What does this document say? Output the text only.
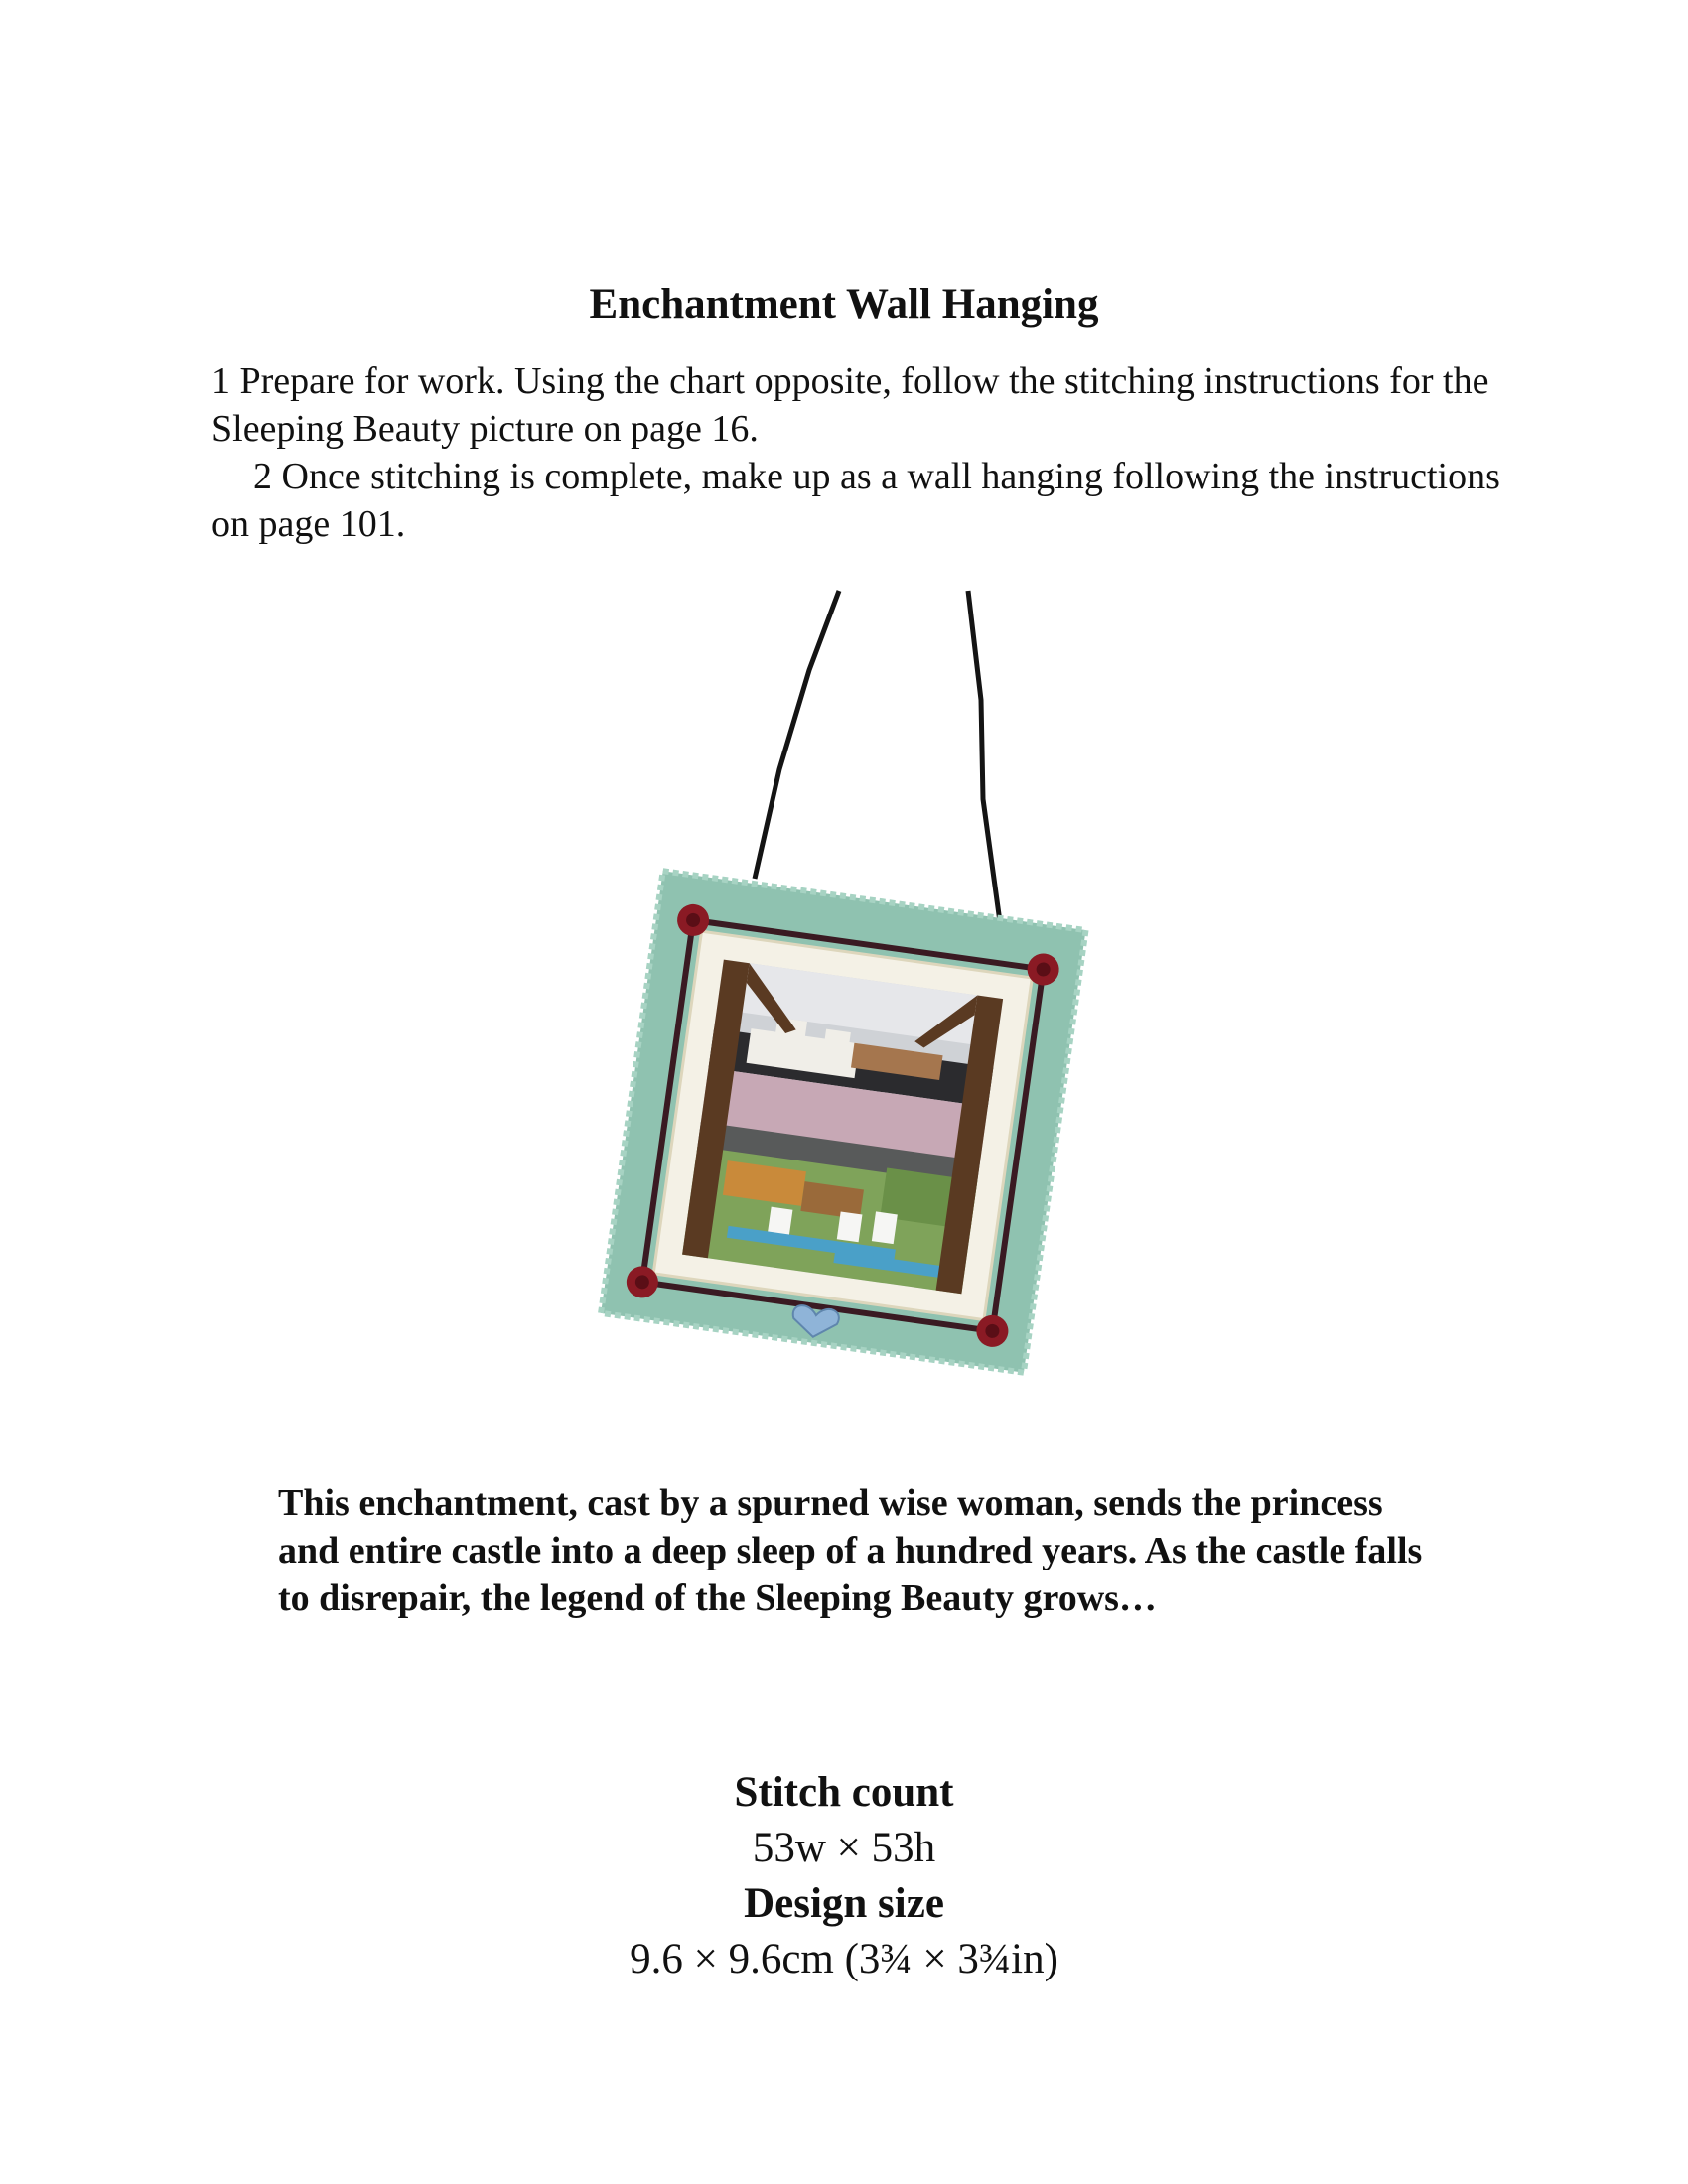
Enchantment Wall Hanging

1 Prepare for work. Using the chart opposite, follow the stitching instructions for the Sleeping Beauty picture on page 16.

2 Once stitching is complete, make up as a wall hanging following the instructions on page 101.

This enchantment, cast by a spurned wise woman, sends the princess and entire castle into a deep sleep of a hundred years. As the castle falls to disrepair, the legend of the Sleeping Beauty grows…

Stitch count
53w × 53h
Design size
9.6 × 9.6cm (3¾ × 3¾in)
